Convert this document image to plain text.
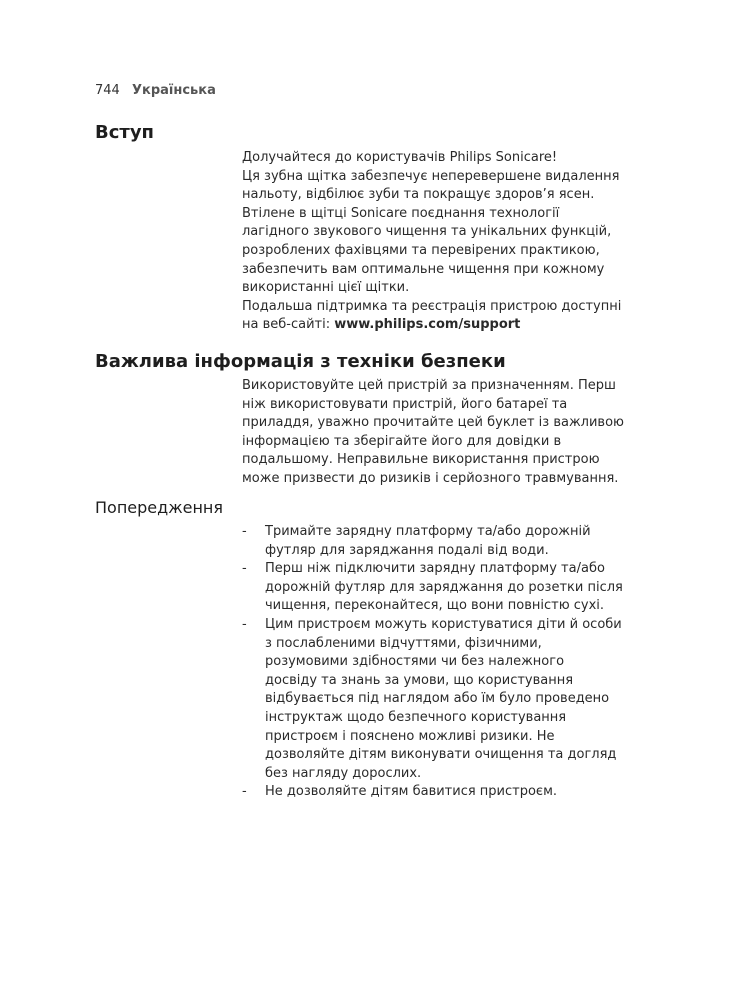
744 Українська
Вступ
Долучайтеся до користувачів Philips Sonicare!
Ця зубна щітка забезпечує неперевершене видалення
нальоту, відбілює зуби та покращує здоров’я ясен.
Втілене в щітці Sonicare поєднання технології
лагідного звукового чищення та унікальних функцій,
розроблених фахівцями та перевірених практикою,
забезпечить вам оптимальне чищення при кожному
використанні цієї щітки.
Подальша підтримка та реєстрація пристрою доступні
на веб-сайті: www.philips.com/support
Важлива інформація з техніки безпеки
Використовуйте цей пристрій за призначенням. Перш
ніж використовувати пристрій, його батареї та
приладдя, уважно прочитайте цей буклет із важливою
інформацією та зберігайте його для довідки в
подальшому. Неправильне використання пристрою
може призвести до ризиків і серйозного травмування.
Попередження
- Тримайте зарядну платформу та/або дорожній
футляр для заряджання подалі від води.
- Перш ніж підключити зарядну платформу та/або
дорожній футляр для заряджання до розетки після
чищення, переконайтеся, що вони повністю сухі.
- Цим пристроєм можуть користуватися діти й особи
з послабленими відчуттями, фізичними,
розумовими здібностями чи без належного
досвіду та знань за умови, що користування
відбувається під наглядом або їм було проведено
інструктаж щодо безпечного користування
пристроєм і пояснено можливі ризики. Не
дозволяйте дітям виконувати очищення та догляд
без нагляду дорослих.
- Не дозволяйте дітям бавитися пристроєм.
